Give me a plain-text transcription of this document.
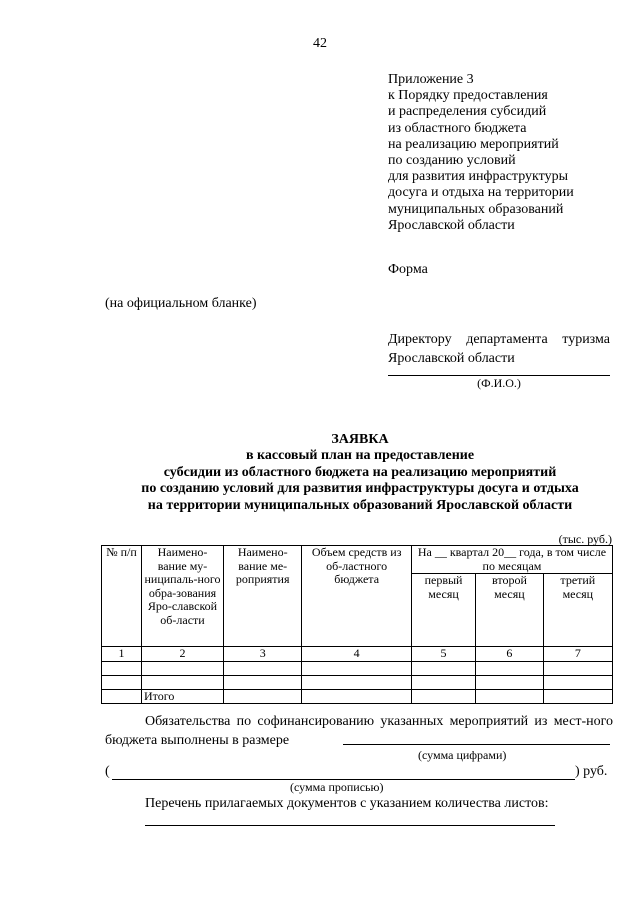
42
Приложение 3
к Порядку предоставления
и распределения субсидий
из областного бюджета
на реализацию мероприятий
по созданию условий
для развития инфраструктуры
досуга и отдыха на территории
муниципальных образований
Ярославской области
Форма
(на официальном бланке)
Директору департамента туризма
Ярославской области
(Ф.И.О.)
ЗАЯВКА
в кассовый план на предоставление
субсидии из областного бюджета на реализацию мероприятий
по созданию условий для развития инфраструктуры досуга и отдыха
на территории муниципальных образований Ярославской области
(тыс. руб.)
№ п/п	Наимено-вание му-ниципаль-ного обра-зования Яро-славской об-ласти	Наимено-вание ме-роприятия	Объем средств из об-ластного бюджета	На __ квартал 20__ года, в том числе по месяцам		
				первый месяц	второй месяц	третий месяц
1	2	3	4	5	6	7

	Итого					
Обязательства по софинансированию указанных мероприятий из мест-ного бюджета выполнены в размере
(сумма цифрами)
(	) руб.
(сумма прописью)
Перечень прилагаемых документов с указанием количества листов:
